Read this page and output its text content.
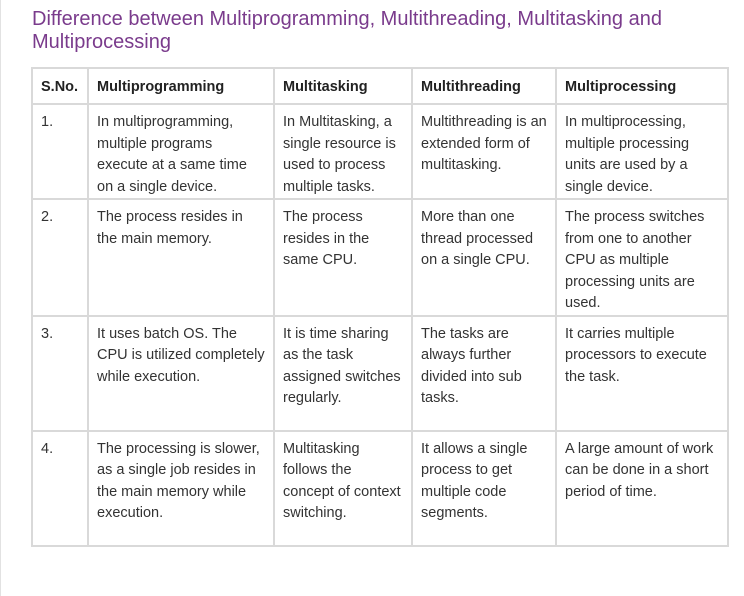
Difference between Multiprogramming, Multithreading, Multitasking and Multiprocessing
S.No.	Multiprogramming	Multitasking	Multithreading	Multiprocessing
1.	In multiprogramming, multiple programs execute at a same time on a single device.	In Multitasking, a single resource is used to process multiple tasks.	Multithreading is an extended form of multitasking.	In multiprocessing, multiple processing units are used by a single device.
2.	The process resides in the main memory.	The process resides in the same CPU.	More than one thread processed on a single CPU.	The process switches from one to another CPU as multiple processing units are used.
3.	It uses batch OS. The CPU is utilized completely while execution.	It is time sharing as the task assigned switches regularly.	The tasks are always further divided into sub tasks.	It carries multiple processors to execute the task.
4.	The processing is slower, as a single job resides in the main memory while execution.	Multitasking follows the concept of context switching.	It allows a single process to get multiple code segments.	A large amount of work can be done in a short period of time.
